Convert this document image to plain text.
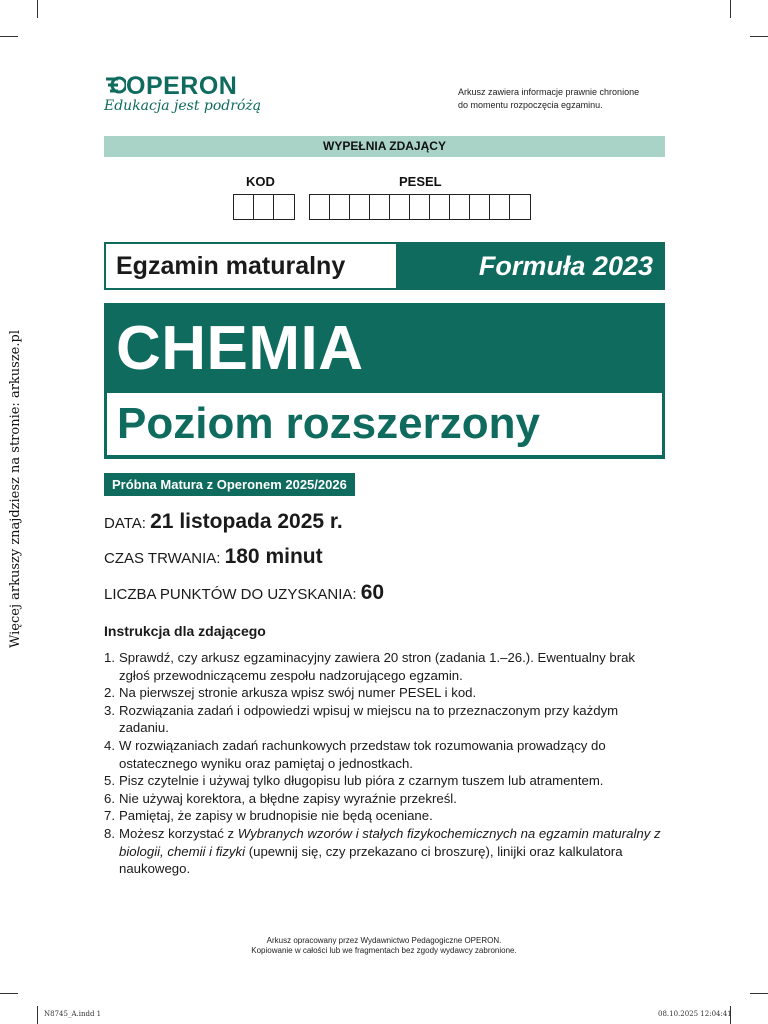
OPERON
Edukacja jest podróżą
Arkusz zawiera informacje prawnie chronione
do momentu rozpoczęcia egzaminu.
WYPEŁNIA ZDAJĄCY
KOD	PESEL
Egzamin maturalny	Formuła 2023
CHEMIA
Poziom rozszerzony
Próbna Matura z Operonem 2025/2026
DATA: 21 listopada 2025 r.
CZAS TRWANIA: 180 minut
LICZBA PUNKTÓW DO UZYSKANIA: 60
Instrukcja dla zdającego
1. Sprawdź, czy arkusz egzaminacyjny zawiera 20 stron (zadania 1.–26.). Ewentualny brak zgłoś przewodniczącemu zespołu nadzorującego egzamin.
2. Na pierwszej stronie arkusza wpisz swój numer PESEL i kod.
3. Rozwiązania zadań i odpowiedzi wpisuj w miejscu na to przeznaczonym przy każdym zadaniu.
4. W rozwiązaniach zadań rachunkowych przedstaw tok rozumowania prowadzący do ostatecznego wyniku oraz pamiętaj o jednostkach.
5. Pisz czytelnie i używaj tylko długopisu lub pióra z czarnym tuszem lub atramentem.
6. Nie używaj korektora, a błędne zapisy wyraźnie przekreśl.
7. Pamiętaj, że zapisy w brudnopisie nie będą oceniane.
8. Możesz korzystać z Wybranych wzorów i stałych fizykochemicznych na egzamin maturalny z biologii, chemii i fizyki (upewnij się, czy przekazano ci broszurę), linijki oraz kalkulatora naukowego.
Arkusz opracowany przez Wydawnictwo Pedagogiczne OPERON.
Kopiowanie w całości lub we fragmentach bez zgody wydawcy zabronione.
Więcej arkuszy znajdziesz na stronie: arkusze.pl
N8745_A.indd 1	08.10.2025 12:04:41
